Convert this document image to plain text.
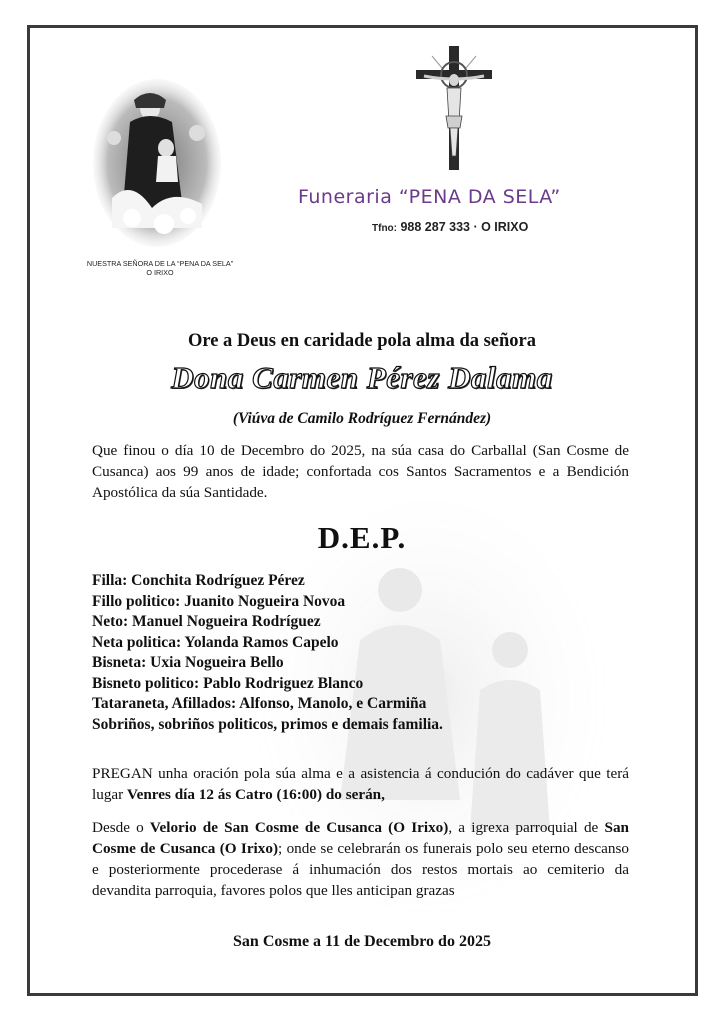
NUESTRA SEÑORA DE LA “PENA DA SELA”
O IRIXO
Funeraria “PENA DA SELA”
Tfno: 988 287 333 · O IRIXO
Ore a Deus en caridade pola alma da señora
Dona Carmen Pérez Dalama
(Viúva de Camilo Rodríguez Fernández)
Que finou o día 10 de Decembro do 2025, na súa casa do Carballal (San Cosme de Cusanca) aos 99 anos de idade; confortada cos Santos Sacramentos e a Bendición Apostólica da súa Santidade.
D.E.P.
Filla: Conchita Rodríguez Pérez
Fillo politico: Juanito Nogueira Novoa
Neto: Manuel Nogueira Rodríguez
Neta politica: Yolanda Ramos Capelo
Bisneta: Uxia Nogueira Bello
Bisneto politico: Pablo Rodriguez Blanco
Tataraneta, Afillados: Alfonso, Manolo, e Carmiña
Sobriños, sobriños politicos, primos e demais familia.
PREGAN unha oración pola súa alma e a asistencia á condución do cadáver que terá lugar Venres día 12 ás Catro (16:00) do serán,
Desde o Velorio de San Cosme de Cusanca (O Irixo), a igrexa parroquial de San Cosme de Cusanca (O Irixo); onde se celebrarán os funerais polo seu eterno descanso e posteriormente procederase á inhumación dos restos mortais ao cemiterio da devandita parroquia, favores polos que lles anticipan grazas
San Cosme a 11 de Decembro do 2025
